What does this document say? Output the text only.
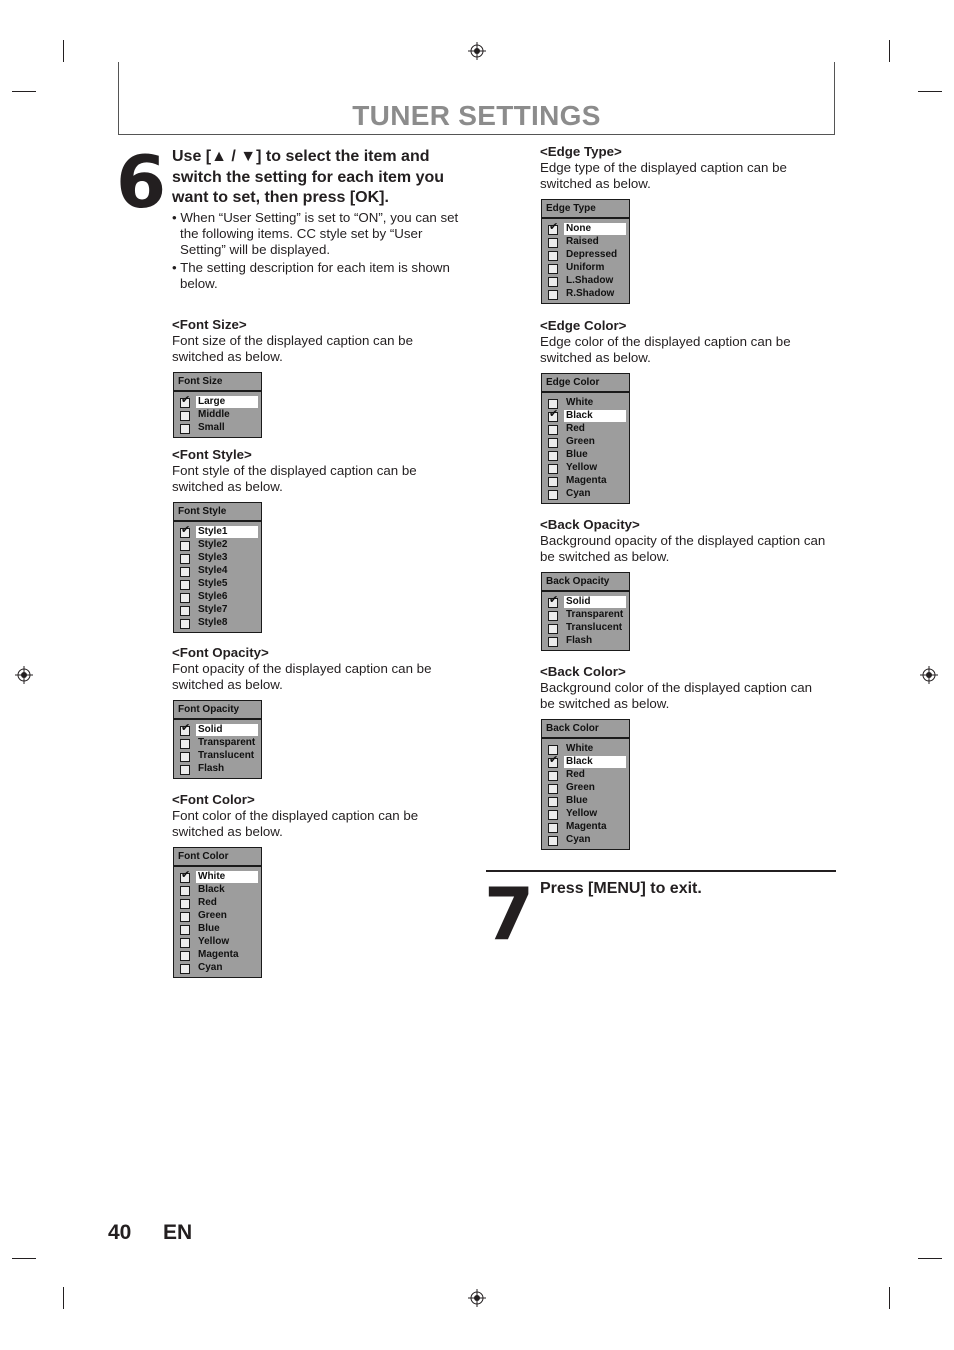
TUNER SETTINGS
6 Use [▲ / ▼] to select the item and
switch the setting for each item you
want to set, then press [OK].
• When “User Setting” is set to “ON”, you can set
the following items. CC style set by “User
Setting” will be displayed.
• The setting description for each item is shown
below.
<Font Size>
Font size of the displayed caption can be
switched as below.
Font Size
✔ Large
Middle
Small
<Font Style>
Font style of the displayed caption can be
switched as below.
Font Style
✔ Style1
Style2
Style3
Style4
Style5
Style6
Style7
Style8
<Font Opacity>
Font opacity of the displayed caption can be
switched as below.
Font Opacity
✔ Solid
Transparent
Translucent
Flash
<Font Color>
Font color of the displayed caption can be
switched as below.
Font Color
✔ White
Black
Red
Green
Blue
Yellow
Magenta
Cyan
<Edge Type>
Edge type of the displayed caption can be
switched as below.
Edge Type
✔ None
Raised
Depressed
Uniform
L.Shadow
R.Shadow
<Edge Color>
Edge color of the displayed caption can be
switched as below.
Edge Color
White
✔ Black
Red
Green
Blue
Yellow
Magenta
Cyan
<Back Opacity>
Background opacity of the displayed caption can
be switched as below.
Back Opacity
✔ Solid
Transparent
Translucent
Flash
<Back Color>
Background color of the displayed caption can
be switched as below.
Back Color
White
✔ Black
Red
Green
Blue
Yellow
Magenta
Cyan
7 Press [MENU] to exit.
40 EN
